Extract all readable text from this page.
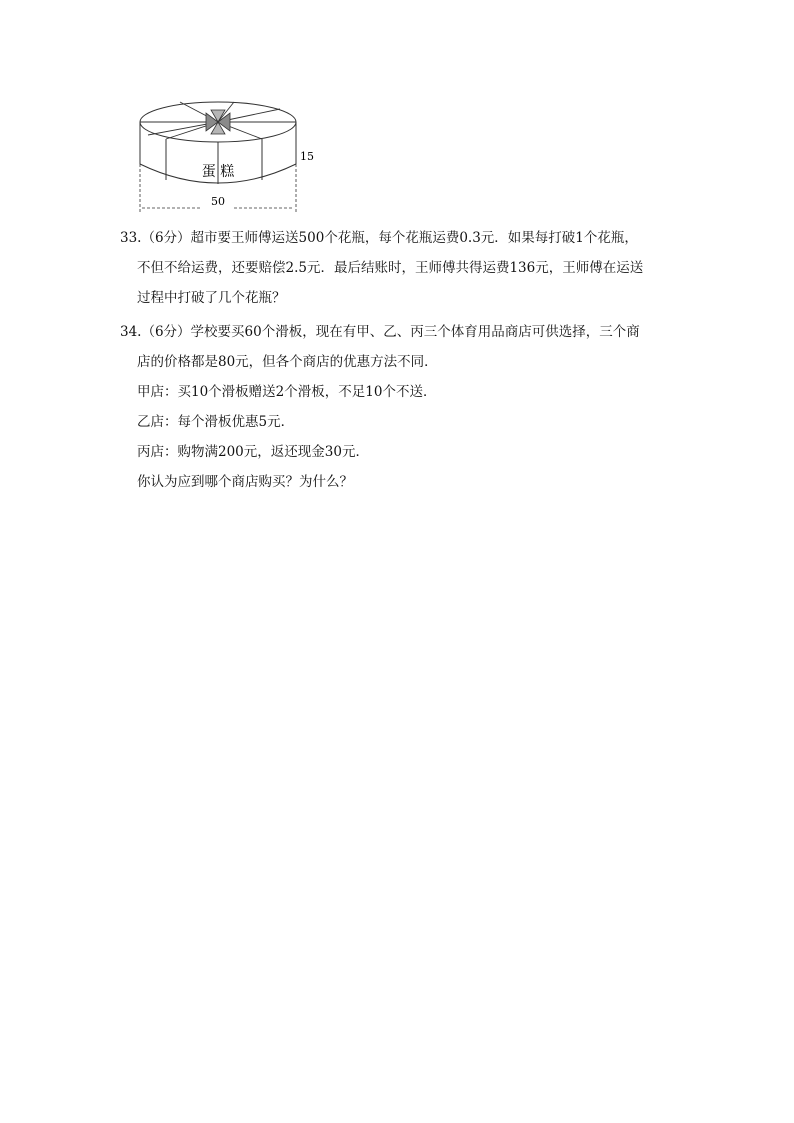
蛋 糕
15
50
33.（6分）超市要王师傅运送500个花瓶，每个花瓶运费0.3元．如果每打破1个花瓶，
不但不给运费，还要赔偿2.5元．最后结账时，王师傅共得运费136元，王师傅在运送
过程中打破了几个花瓶？
34.（6分）学校要买60个滑板，现在有甲、乙、丙三个体育用品商店可供选择，三个商
店的价格都是80元，但各个商店的优惠方法不同．
甲店：买10个滑板赠送2个滑板，不足10个不送．
乙店：每个滑板优惠5元．
丙店：购物满200元，返还现金30元．
你认为应到哪个商店购买？为什么？
